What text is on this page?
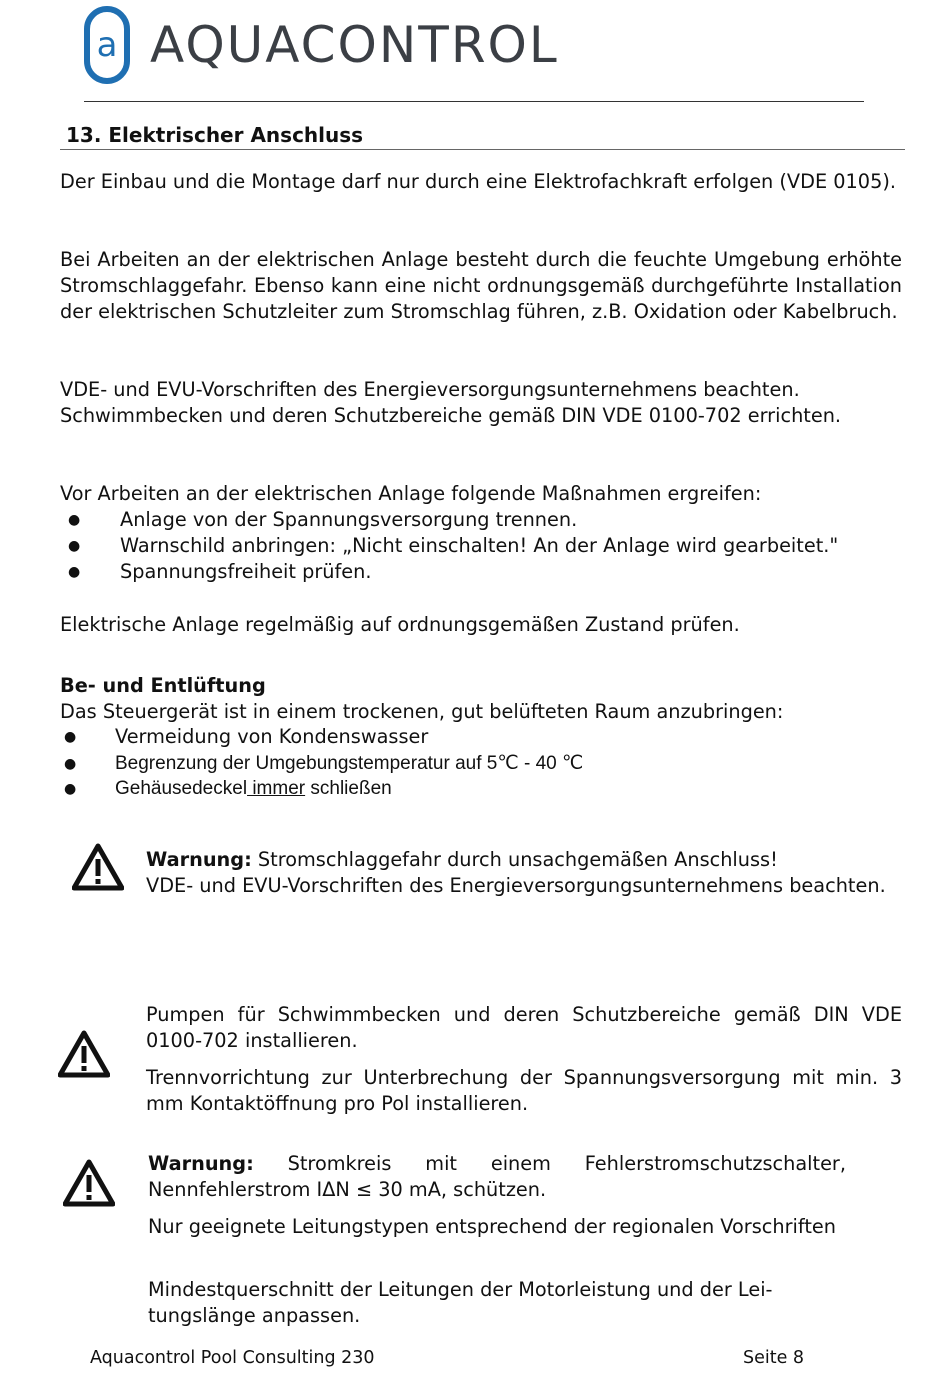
a AQUACONTROL
13. Elektrischer Anschluss
Der Einbau und die Montage darf nur durch eine Elektrofachkraft erfolgen (VDE 0105).
Bei Arbeiten an der elektrischen Anlage besteht durch die feuchte Umgebung erhöhte Stromschlaggefahr. Ebenso kann eine nicht ordnungsgemäß durchgeführte Installation der elektrischen Schutzleiter zum Stromschlag führen, z.B. Oxidation oder Kabelbruch.
VDE- und EVU-Vorschriften des Energieversorgungsunternehmens beachten.
Schwimmbecken und deren Schutzbereiche gemäß DIN VDE 0100-702 errichten.
Vor Arbeiten an der elektrischen Anlage folgende Maßnahmen ergreifen:
● Anlage von der Spannungsversorgung trennen.
● Warnschild anbringen: „Nicht einschalten! An der Anlage wird gearbeitet."
● Spannungsfreiheit prüfen.
Elektrische Anlage regelmäßig auf ordnungsgemäßen Zustand prüfen.
Be- und Entlüftung
Das Steuergerät ist in einem trockenen, gut belüfteten Raum anzubringen:
● Vermeidung von Kondenswasser
● Begrenzung der Umgebungstemperatur auf 5℃ - 40 ℃
● Gehäusedeckel immer schließen
Warnung: Stromschlaggefahr durch unsachgemäßen Anschluss!
VDE- und EVU-Vorschriften des Energieversorgungsunternehmens beachten.
Pumpen für Schwimmbecken und deren Schutzbereiche gemäß DIN VDE 0100-702 installieren.
Trennvorrichtung zur Unterbrechung der Spannungsversorgung mit min. 3 mm Kontaktöffnung pro Pol installieren.
Warnung: Stromkreis mit einem Fehlerstromschutzschalter, Nennfehlerstrom IΔN ≤ 30 mA, schützen.
Nur geeignete Leitungstypen entsprechend der regionalen Vorschriften
Mindestquerschnitt der Leitungen der Motorleistung und der Leitungslänge anpassen.
Aquacontrol Pool Consulting 230	Seite 8
